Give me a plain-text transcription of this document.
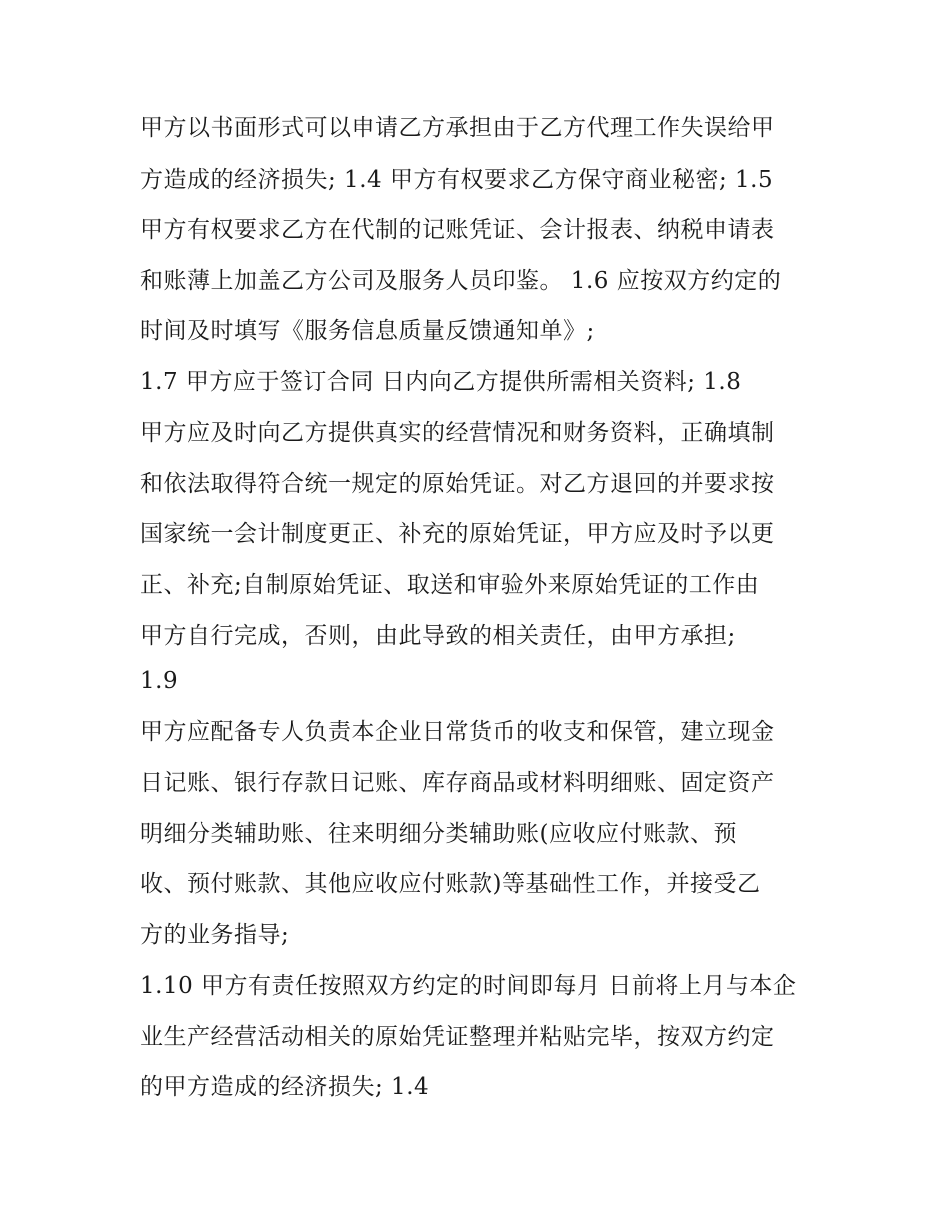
甲方以书面形式可以申请乙方承担由于乙方代理工作失误给甲
方造成的经济损失; 1.4 甲方有权要求乙方保守商业秘密; 1.5
甲方有权要求乙方在代制的记账凭证、会计报表、纳税申请表
和账薄上加盖乙方公司及服务人员印鉴。 1.6 应按双方约定的
时间及时填写《服务信息质量反馈通知单》;
1.7 甲方应于签订合同 日内向乙方提供所需相关资料; 1.8
甲方应及时向乙方提供真实的经营情况和财务资料，正确填制
和依法取得符合统一规定的原始凭证。对乙方退回的并要求按
国家统一会计制度更正、补充的原始凭证，甲方应及时予以更
正、补充;自制原始凭证、取送和审验外来原始凭证的工作由
甲方自行完成，否则，由此导致的相关责任，由甲方承担;
1.9
甲方应配备专人负责本企业日常货币的收支和保管，建立现金
日记账、银行存款日记账、库存商品或材料明细账、固定资产
明细分类辅助账、往来明细分类辅助账(应收应付账款、预
收、预付账款、其他应收应付账款)等基础性工作，并接受乙
方的业务指导;
1.10 甲方有责任按照双方约定的时间即每月 日前将上月与本企
业生产经营活动相关的原始凭证整理并粘贴完毕，按双方约定
的甲方造成的经济损失; 1.4
